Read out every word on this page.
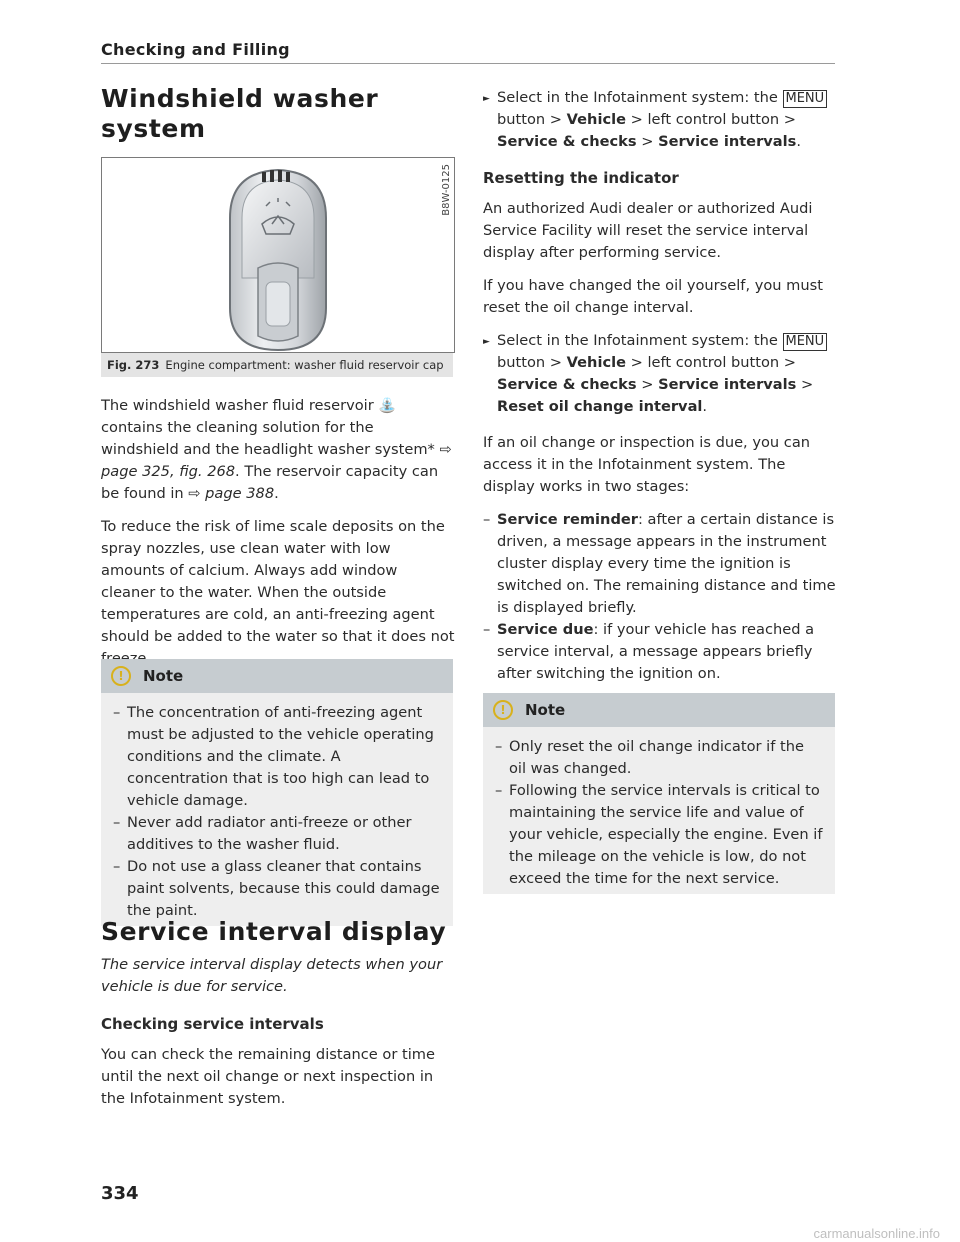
Checking and Filling
Windshield washer
system
B8W-0125
Fig. 273 Engine compartment: washer fluid reservoir cap

The windshield washer fluid reservoir ⛲ contains the cleaning solution for the windshield and the headlight washer system* ⇨ page 325, fig. 268. The reservoir capacity can be found in ⇨ page 388.

To reduce the risk of lime scale deposits on the spray nozzles, use clean water with low amounts of calcium. Always add window cleaner to the water. When the outside temperatures are cold, an anti-freezing agent should be added to the water so that it does not

!	Note
– The concentration of anti-freezing agent must be adjusted to the vehicle operating conditions and the climate. A concentration that is too high can lead to vehicle damage.
– Never add radiator anti-freeze or other additives to the washer fluid.
– Do not use a glass cleaner that contains paint solvents, because this could damage the paint.
Service interval display

The service interval display detects when your vehicle is due for service.

Checking service intervals

You can check the remaining distance or time until the next oil change or next inspection in the Infotainment system.

► Select in the Infotainment system: the MENU button > Vehicle > left control button > Service & checks > Service intervals.
Resetting the indicator

An authorized Audi dealer or authorized Audi Service Facility will reset the service interval display after performing service.

If you have changed the oil yourself, you must reset the oil change interval.

► Select in the Infotainment system: the MENU button > Vehicle > left control button > Service & checks > Service intervals > Reset oil change interval.

If an oil change or inspection is due, you can access it in the Infotainment system. The display works in two stages:

– Service reminder: after a certain distance is driven, a message appears in the instrument cluster display every time the ignition is switched on. The remaining distance and time is displayed briefly.
– Service due: if your vehicle has reached a service interval, a message appears briefly after switching the ignition on.
!	Note
– Only reset the oil change indicator if the oil was changed.
– Following the service intervals is critical to maintaining the service life and value of your vehicle, especially the engine. Even if the mileage on the vehicle is low, do not exceed the time for the next service.
334
carmanualsonline.info
